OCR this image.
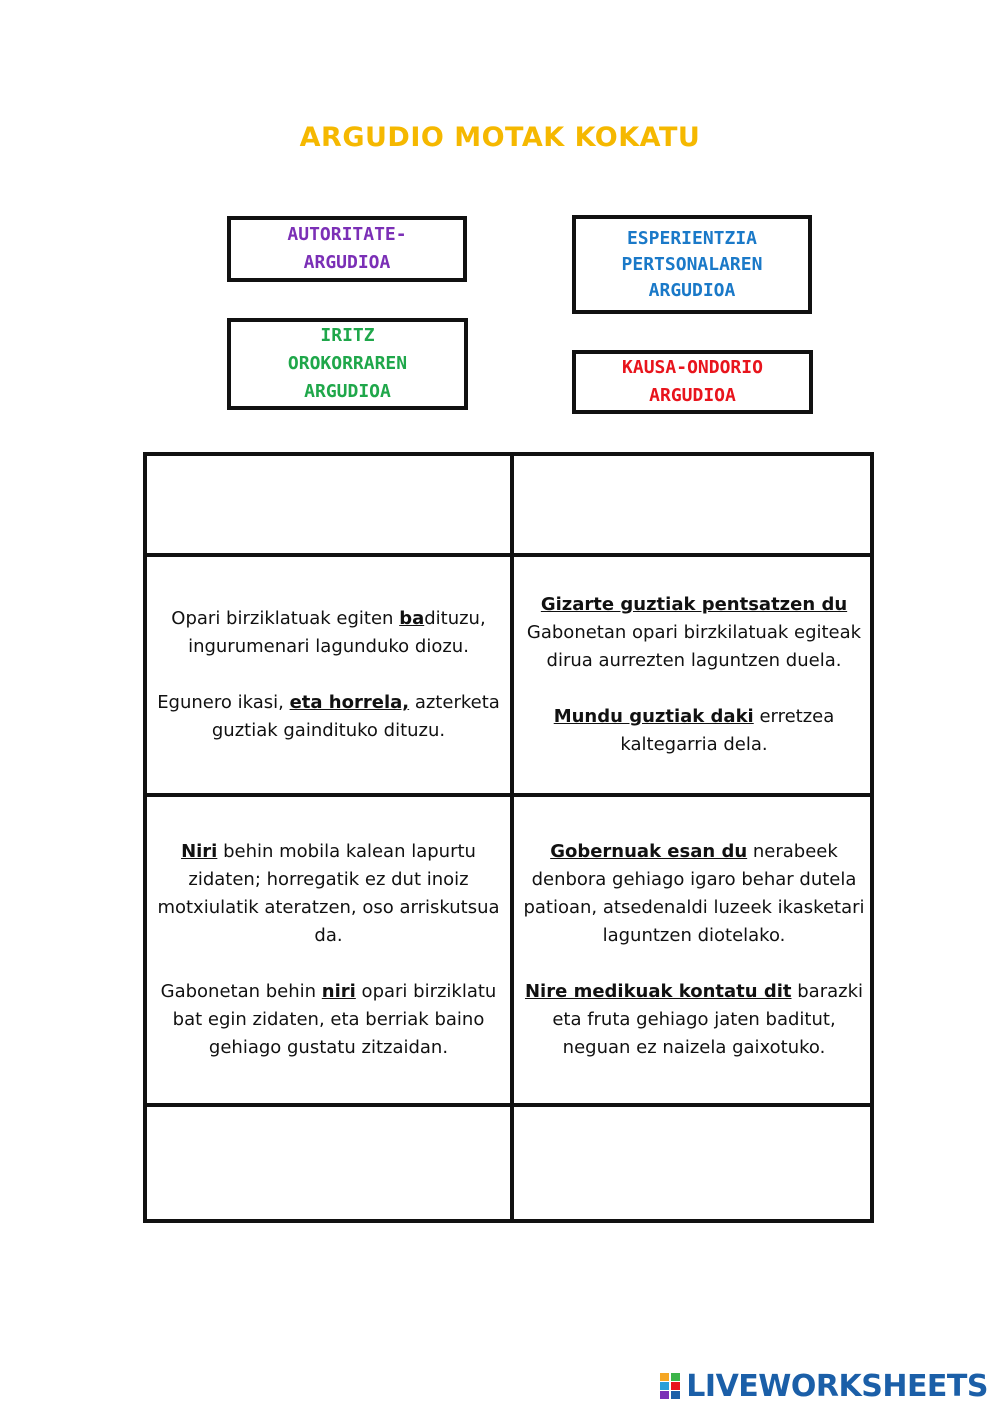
ARGUDIO MOTAK KOKATU
AUTORITATE-
ARGUDIOA
ESPERIENTZIA
PERTSONALAREN
ARGUDIOA
IRITZ
OROKORRAREN
ARGUDIOA
KAUSA-ONDORIO
ARGUDIOA

Opari birziklatuak egiten badituzu, ingurumenari lagunduko diozu.

Egunero ikasi, eta horrela, azterketa guztiak gaindituko dituzu.

Gizarte guztiak pentsatzen du Gabonetan opari birzkilatuak egiteak dirua aurrezten laguntzen duela.

Mundu guztiak daki erretzea kaltegarria dela.

Niri behin mobila kalean lapurtu zidaten; horregatik ez dut inoiz motxiulatik ateratzen, oso arriskutsua da.

Gabonetan behin niri opari birziklatu bat egin zidaten, eta berriak baino gehiago gustatu zitzaidan.

Gobernuak esan du nerabeek denbora gehiago igaro behar dutela patioan, atsedenaldi luzeek ikasketari laguntzen diotelako.

Nire medikuak kontatu dit barazki eta fruta gehiago jaten baditut, neguan ez naizela gaixotuko.

LIVEWORKSHEETS
